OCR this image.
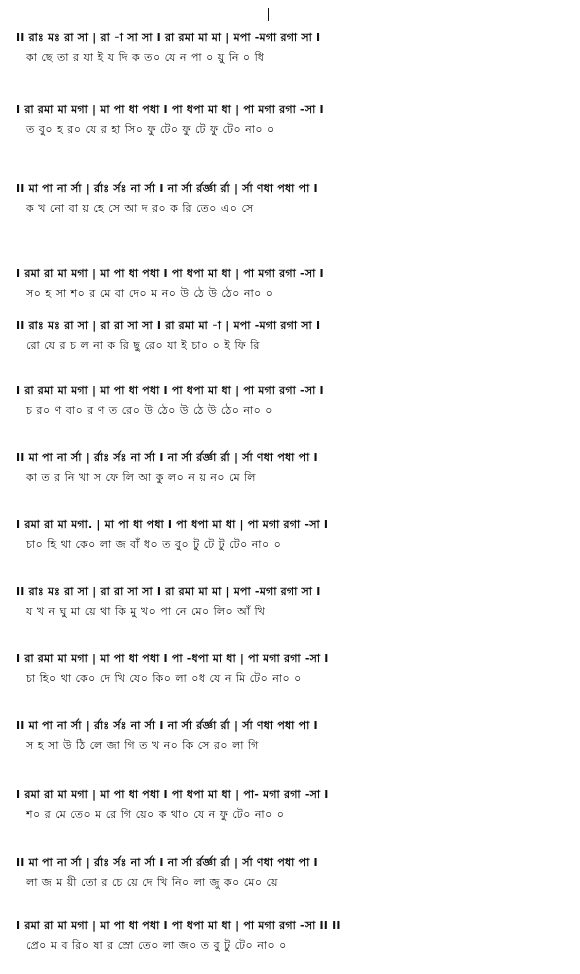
II রাঃ মঃ রা সা | রা -া সা সা I রা রমা মা মা | মপা -মগা রগা সা I
কা ছে তা র যা ই য দি ক ত০ যে ন পা ০ য়ু নি ০ ধি
I রা রমা মা মগা | মা পা ধা পধা I পা ধপা মা ধা | পা মগা রগা -সা I
ত বু০ হ র০ যে র হা সি০ ফু টে০ ফু টে ফু টে০ না০ ০
II মা পা না র্সা | র্রাঃ র্সঃ না র্সা I না র্সা র্রর্জ্ঞা র্রা | র্সা ণধা পধা পা I
ক খ নো বা য় হে সে আ দ র০ ক রি তে০ এ০ সে
I রমা রা মা মগা | মা পা ধা পধা I পা ধপা মা ধা | পা মগা রগা -সা I
স০ হ সা শ০ র মে বা দে০ ম ন০ উ ঠে উ ঠে০ না০ ০
II রাঃ মঃ রা সা | রা রা সা সা I রা রমা মা -া | মপা -মগা রগা সা I
রো যে র চ ল না ক রি ছু রে০ যা ই চা০ ০ ই ফি রি
I রা রমা মা মগা | মা পা ধা পধা I পা ধপা মা ধা | পা মগা রগা -সা I
চ র০ ণ বা০ র ণ ত রে০ উ ঠে০ উ ঠে উ ঠে০ না০ ০
II মা পা না র্সা | র্রাঃ র্সঃ না র্সা I না র্সা র্রর্জ্ঞা র্রা | র্সা ণধা পধা পা I
কা ত র নি খা স ফে লি আ কু ল০ ন য় ন০ মে লি
I রমা রা মা মগা. | মা পা ধা পধা I পা ধপা মা ধা | পা মগা রগা -সা I
চা০ হি থা কে০ লা জ বাঁ ধ০ ত বু০ টু টে টু টে০ না০ ০
II রাঃ মঃ রা সা | রা রা সা সা I রা রমা মা মা | মপা -মগা রগা সা I
য খ ন ঘু মা য়ে থা কি মু খ০ পা নে মে০ লি০ আঁ খি
I রা রমা মা মগা | মা পা ধা পধা I পা -ধপা মা ধা | পা মগা রগা -সা I
চা হি০ থা কে০ দে খি যে০ কি০ লা ০ধ যে ন মি টে০ না০ ০
II মা পা না র্সা | র্রাঃ র্সঃ না র্সা I না র্সা র্রর্জ্ঞা র্রা | র্সা ণধা পধা পা I
স হ সা উ ঠি লে জা গি ত খ ন০ কি সে র০ লা গি
I রমা রা মা মগা | মা পা ধা পধা I পা ধপা মা ধা | পা- মগা রগা -সা I
শ০ র মে তে০ ম রে গি য়ে০ ক থা০ যে ন ফু টে০ না০ ০
II মা পা না র্সা | র্রাঃ র্সঃ না র্সা I না র্সা র্রর্জ্ঞা র্রা | র্সা ণধা পধা পা I
লা জ ম য়ী তো র চে য়ে দে খি নি০ লা জু ক০ মে০ য়ে
I রমা রা মা মগা | মা পা ধা পধা I পা ধপা মা ধা | পা মগা রগা -সা II II
প্রে০ ম ব রি০ ষা র স্রো তে০ লা জ০ ত বু টু টে০ না০ ০
